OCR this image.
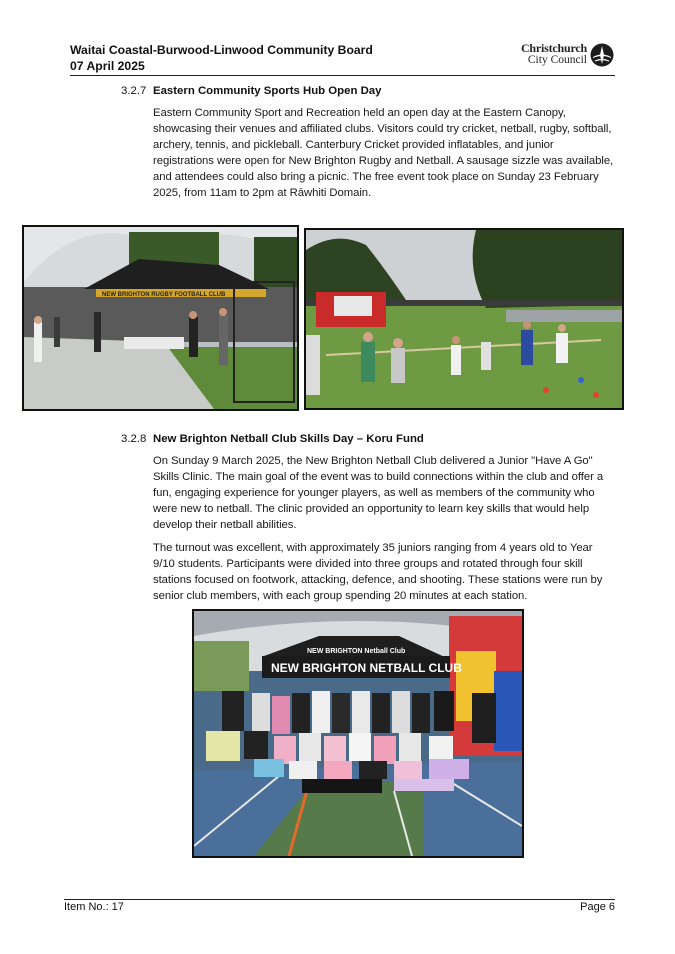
Waitai Coastal-Burwood-Linwood Community Board
07 April 2025
Christchurch
City Council
3.2.7 Eastern Community Sports Hub Open Day
Eastern Community Sport and Recreation held an open day at the Eastern Canopy, showcasing their venues and affiliated clubs. Visitors could try cricket, netball, rugby, softball, archery, tennis, and pickleball. Canterbury Cricket provided inflatables, and junior registrations were open for New Brighton Rugby and Netball. A sausage sizzle was available, and attendees could also bring a picnic. The free event took place on Sunday 23 February 2025, from 11am to 2pm at Rāwhiti Domain.
NEW BRIGHTON RUGBY FOOTBALL CLUB
3.2.8 New Brighton Netball Club Skills Day – Koru Fund
On Sunday 9 March 2025, the New Brighton Netball Club delivered a Junior "Have A Go" Skills Clinic. The main goal of the event was to build connections within the club and offer a fun, engaging experience for younger players, as well as members of the community who were new to netball. The clinic provided an opportunity to learn key skills that would help develop their netball abilities.
The turnout was excellent, with approximately 35 juniors ranging from 4 years old to Year 9/10 students. Participants were divided into three groups and rotated through four skill stations focused on footwork, attacking, defence, and shooting. These stations were run by senior club members, with each group spending 20 minutes at each station.
NEW BRIGHTON Netball Club
NEW BRIGHTON NETBALL CLUB
Item No.: 17	Page 6
